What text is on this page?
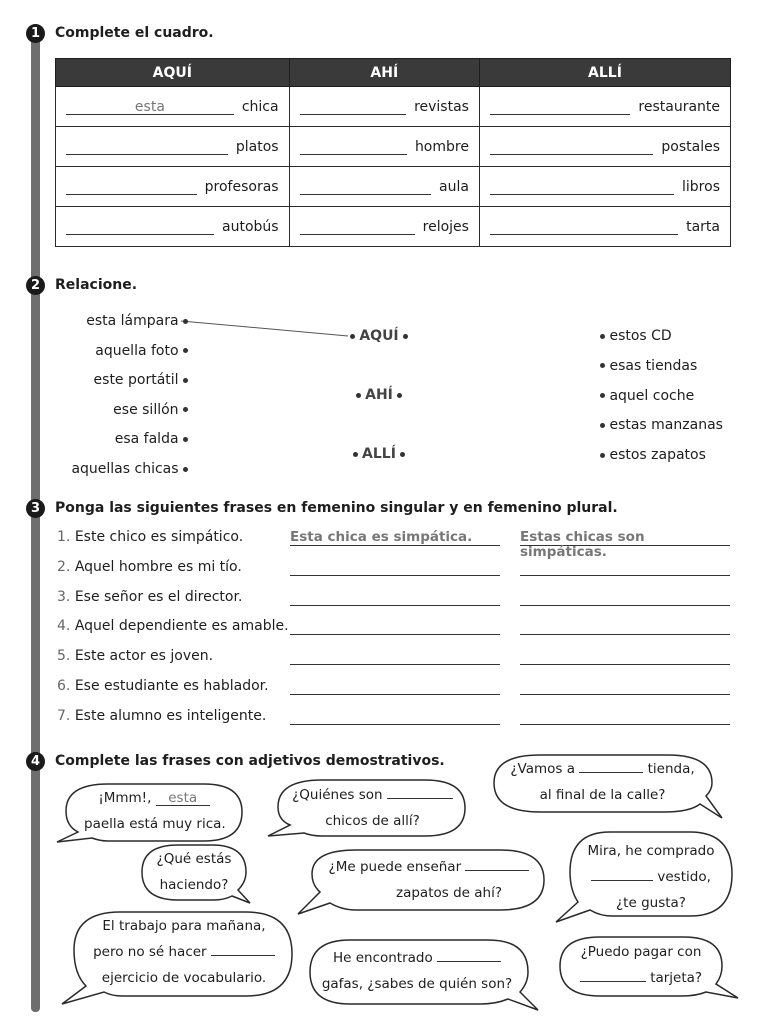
1	Complete el cuadro.
AQUÍ	AHÍ	ALLÍ

esta chica	revistas	restaurante

platos	hombre	postales

profesoras	aula	libros

autobús	relojes	tarta
2	Relacione.
esta lámpara
aquella foto
este portátil
ese sillón
esa falda
aquellas chicas
AQUÍ
AHÍ
ALLÍ
estos CD
esas tiendas
aquel coche
estas manzanas
estos zapatos
3	Ponga las siguientes frases en femenino singular y en femenino plural.
1. Este chico es simpático.	Esta chica es simpática.	Estas chicas son simpáticas.
2. Aquel hombre es mi tío.
3. Ese señor es el director.
4. Aquel dependiente es amable.
5. Este actor es joven.
6. Ese estudiante es hablador.
7. Este alumno es inteligente.
4	Complete las frases con adjetivos demostrativos.
¡Mmm!, esta
paella está muy rica.
¿Quiénes son
chicos de allí?
¿Vamos a	tienda,
al final de la calle?
¿Qué estás
haciendo?
¿Me puede enseñar
zapatos de ahí?
Mira, he comprado
vestido,
¿te gusta?
El trabajo para mañana,
pero no sé hacer
ejercicio de vocabulario.
He encontrado
gafas, ¿sabes de quién son?
¿Puedo pagar con
tarjeta?
